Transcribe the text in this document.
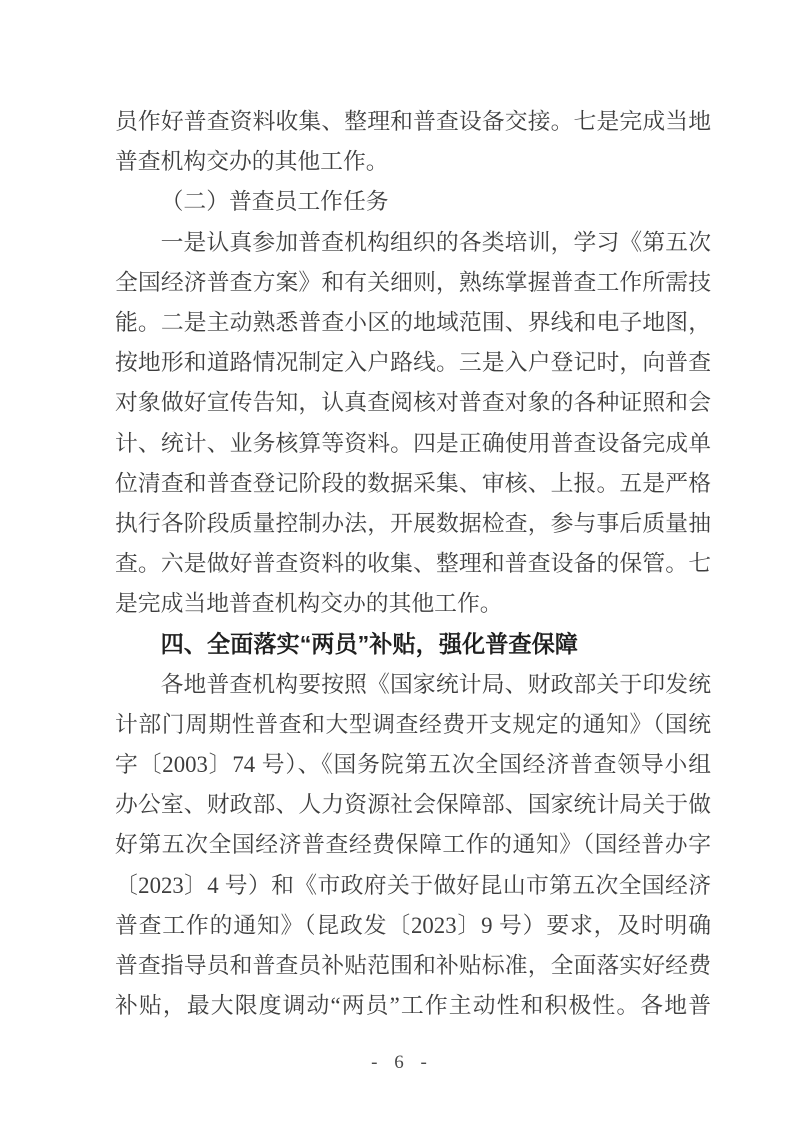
员作好普查资料收集、整理和普查设备交接。七是完成当地
普查机构交办的其他工作。
（二）普查员工作任务
一是认真参加普查机构组织的各类培训，学习《第五次
全国经济普查方案》和有关细则，熟练掌握普查工作所需技
能。二是主动熟悉普查小区的地域范围、界线和电子地图，
按地形和道路情况制定入户路线。三是入户登记时，向普查
对象做好宣传告知，认真查阅核对普查对象的各种证照和会
计、统计、业务核算等资料。四是正确使用普查设备完成单
位清查和普查登记阶段的数据采集、审核、上报。五是严格
执行各阶段质量控制办法，开展数据检查，参与事后质量抽
查。六是做好普查资料的收集、整理和普查设备的保管。七
是完成当地普查机构交办的其他工作。
四、全面落实“两员”补贴，强化普查保障
各地普查机构要按照《国家统计局、财政部关于印发统
计部门周期性普查和大型调查经费开支规定的通知》（国统
字〔2003〕74 号）、《国务院第五次全国经济普查领导小组
办公室、财政部、人力资源社会保障部、国家统计局关于做
好第五次全国经济普查经费保障工作的通知》（国经普办字
〔2023〕4 号）和《市政府关于做好昆山市第五次全国经济
普查工作的通知》（昆政发〔2023〕9 号）要求，及时明确
普查指导员和普查员补贴范围和补贴标准，全面落实好经费
补贴，最大限度调动“两员”工作主动性和积极性。各地普
- 6 -
